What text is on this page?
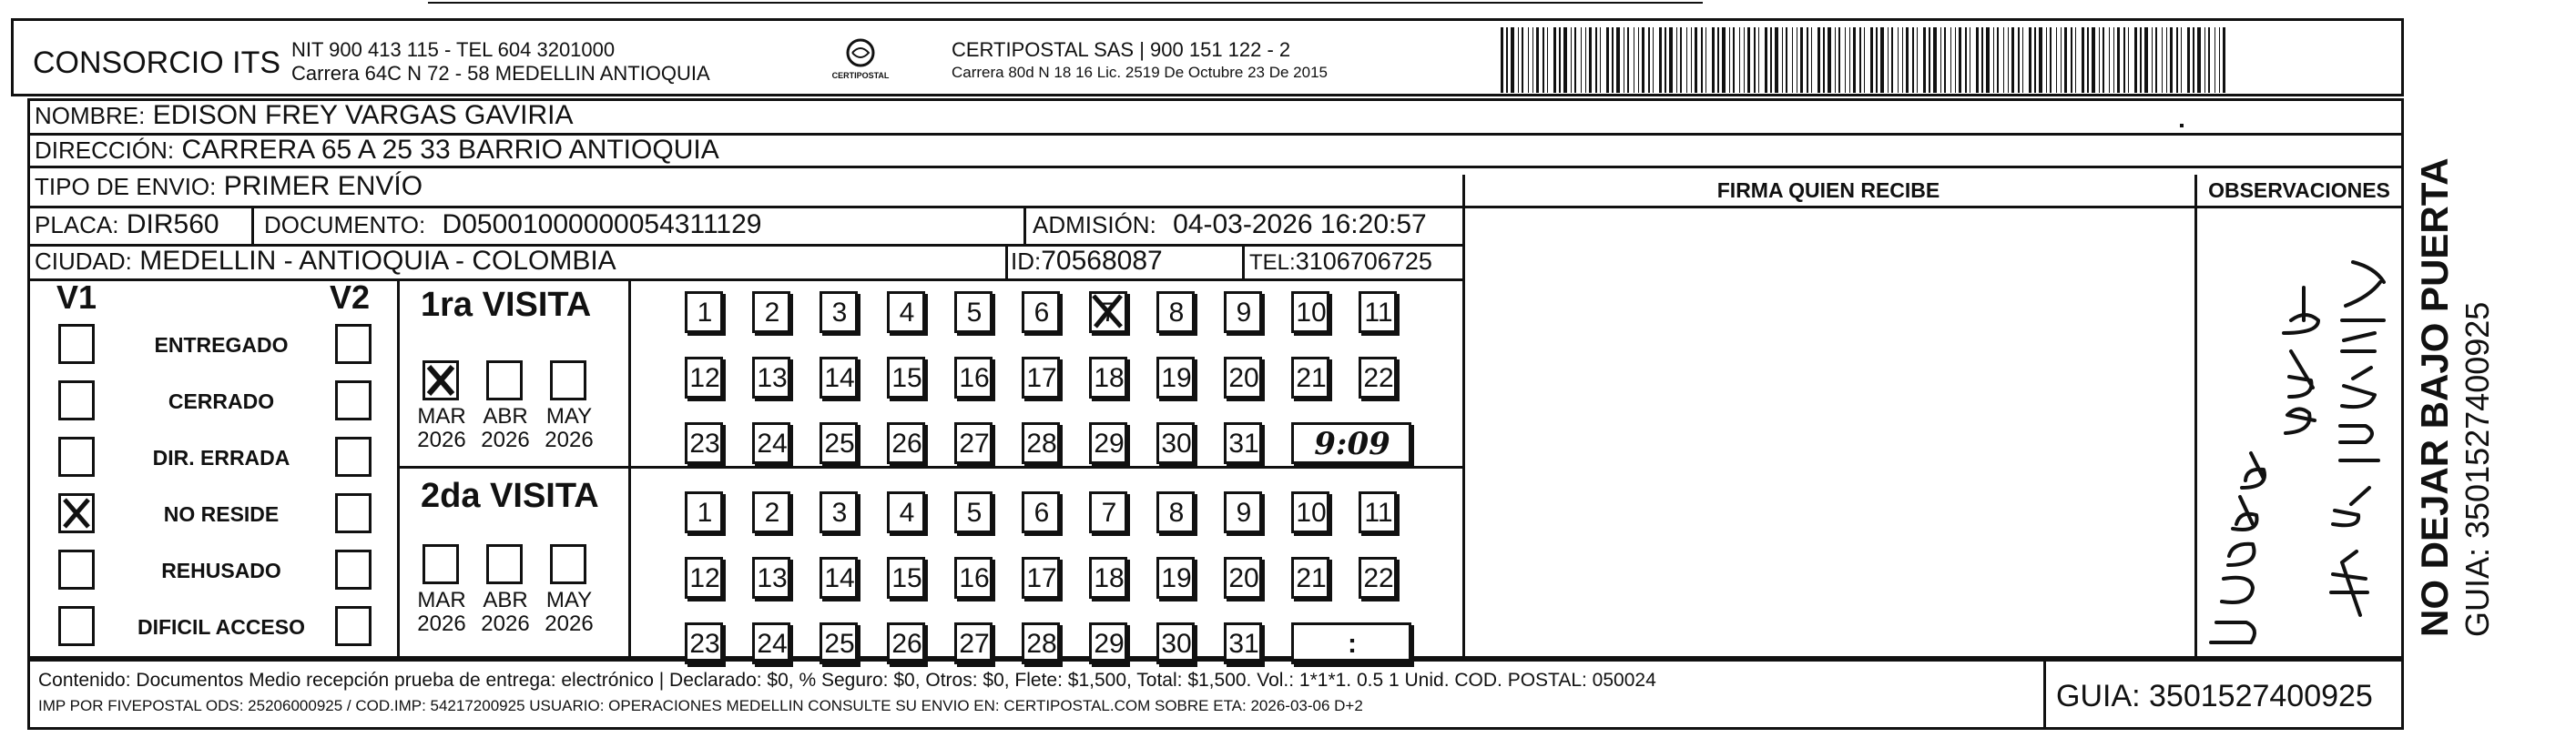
CONSORCIO ITS NIT 900 413 115 - TEL 604 3201000
Carrera 64C N 72 - 58 MEDELLIN ANTIOQUIA	CERTIPOSTAL
CERTIPOSTAL SAS | 900 151 122 - 2
Carrera 80d N 18 16 Lic. 2519 De Octubre 23 De 2015
NOMBRE: EDISON FREY VARGAS GAVIRIA
DIRECCIÓN: CARRERA 65 A 25 33 BARRIO ANTIOQUIA
TIPO DE ENVIO: PRIMER ENVÍO
PLACA: DIR560 DOCUMENTO: D05001000000054311129	ADMISIÓN: 04-03-2026 16:20:57
CIUDAD: MEDELLIN - ANTIOQUIA - COLOMBIA	ID:70568087	TEL:3106706725
FIRMA QUIEN RECIBE	OBSERVACIONES
V1	V2
ENTREGADO
CERRADO
DIR. ERRADA
NO RESIDE
REHUSADO
DIFICIL ACCESO
1ra VISITA
MAR
2026
ABR
2026
MAY
2026
1 2 3 4 5 6 7 8 9 10 11
12 13 14 15 16 17 18 19 20 21 22
23 24 25 26 27 28 29 30 31	9:09
2da VISITA
MAR
2026
ABR
2026
MAY
2026
1 2 3 4 5 6 7 8 9 10 11
12 13 14 15 16 17 18 19 20 21 22
23 24 25 26 27 28 29 30 31	:
NO DEJAR BAJO PUERTA GUIA: 3501527400925
Contenido: Documentos Medio recepción prueba de entrega: electrónico | Declarado: $0, % Seguro: $0, Otros: $0, Flete: $1,500, Total: $1,500. Vol.: 1*1*1. 0.5 1 Unid. COD. POSTAL: 050024
IMP POR FIVEPOSTAL ODS: 25206000925 / COD.IMP: 54217200925 USUARIO: OPERACIONES MEDELLIN CONSULTE SU ENVIO EN: CERTIPOSTAL.COM SOBRE ETA: 2026-03-06 D+2	GUIA: 3501527400925
